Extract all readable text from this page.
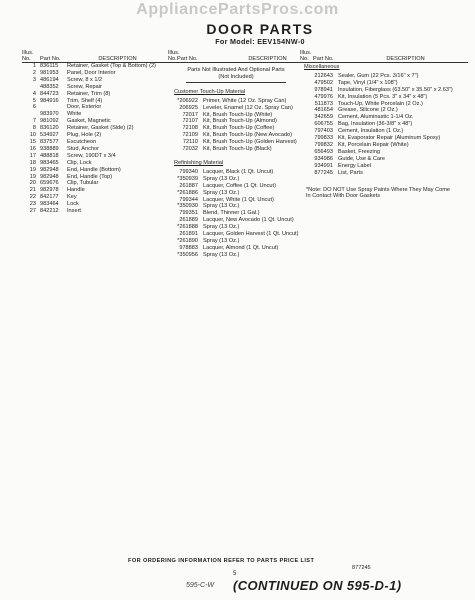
AppliancePartsPros.com
DOOR PARTS
For Model: EEV154NW-0
Illus. No.	Part No.	DESCRIPTION
1 836115	Retainer, Gasket (Top & Bottom) (2)
2 981953	Panel, Door Interior
3 486194	Screw, 8 x 1/2
488352	Screw, Repair
4 844723	Retainer, Trim (8)
5 984916	Trim, Shelf (4)
6	Door, Exterior
983970	White
7 981092	Gasket, Magnetic
8 836120	Retainer, Gasket (Side) (2)
10 534927	Plug, Hole (2)
15 837577	Escutcheon
16 938889	Stud, Anchor
17 488818	Screw, 190DT x 3/4
18 983465	Clip, Lock
19 982948	End, Handle (Bottom)
19 982948	End, Handle (Top)
20 659676	Clip, Tubular
21 982978	Handle
22 842177	Key
23 983464	Lock
27 842212	Insert
Illus. No. Part No.	DESCRIPTION
Parts Not Illustrated And Optional Parts (Not Included)
Customer Touch-Up Material
*206922 Primer, White (12 Oz. Spray Can)
206925 Leveler, Enamel (12 Oz. Spray Can)
72017 Kit, Brush Touch-Up (White)
72107 Kit, Brush Touch-Up (Almond)
72108 Kit, Brush Touch-Up (Coffee)
72109 Kit, Brush Touch-Up (New Avocado)
72110 Kit, Brush Touch-Up (Golden Harvest)
72032 Kit, Brush Touch-Up (Black)
Refinishing Material
799340 Lacquer, Black (1 Qt. Uncut)
*350939 Spray (13 Oz.)
261887 Lacquer, Coffee (1 Qt. Uncut)
*261886 Spray (13 Oz.)
799344 Lacquer, White (1 Qt. Uncut)
*350930 Spray (13 Oz.)
799351 Blend, Thinner (1 Gal.)
261889 Lacquer, New Avocado (1 Qt. Uncut)
*261888 Spray (13 Oz.)
261891 Lacquer, Golden Harvest (1 Qt. Uncut)
*261890 Spray (13 Oz.)
978883 Lacquer, Almond (1 Qt. Uncut)
*350956 Spray (13 Oz.)
Illus. No. Part No.	DESCRIPTION
Miscellaneous
212643 Sealer, Gum (22 Pcs. 3/16" x 7")
479502 Tape, Vinyl (1/4" x 108")
978941 Insulation, Fiberglass (63.50" x 35.50" x 2.63")
479976 Kit, Insulation (5 Pcs. 3" x 34" x 48")
511873 Touch-Up, White Porcelain (2 Oz.)
481654 Grease, Silicone (2 Oz.)
342659 Cement, Aluminastic 1-1/4 Oz.
606755 Bag, Insulation (36-3/8" x 48")
797403 Cement, Insulation (1 Oz.)
799833 Kit, Evaporator Repair (Aluminum Spoxy)
799832 Kit, Porcelain Repair (White)
656493 Basket, Freezing
934986 Guide, Use & Care
934991 Energy Label
877245 List, Parts
*Note: DO NOT Use Spray Paints Where They May Come In Contact With Door Gaskets
FOR ORDERING INFORMATION REFER TO PARTS PRICE LIST
877245
5
595-C-W (CONTINUED ON 595-D-1)
